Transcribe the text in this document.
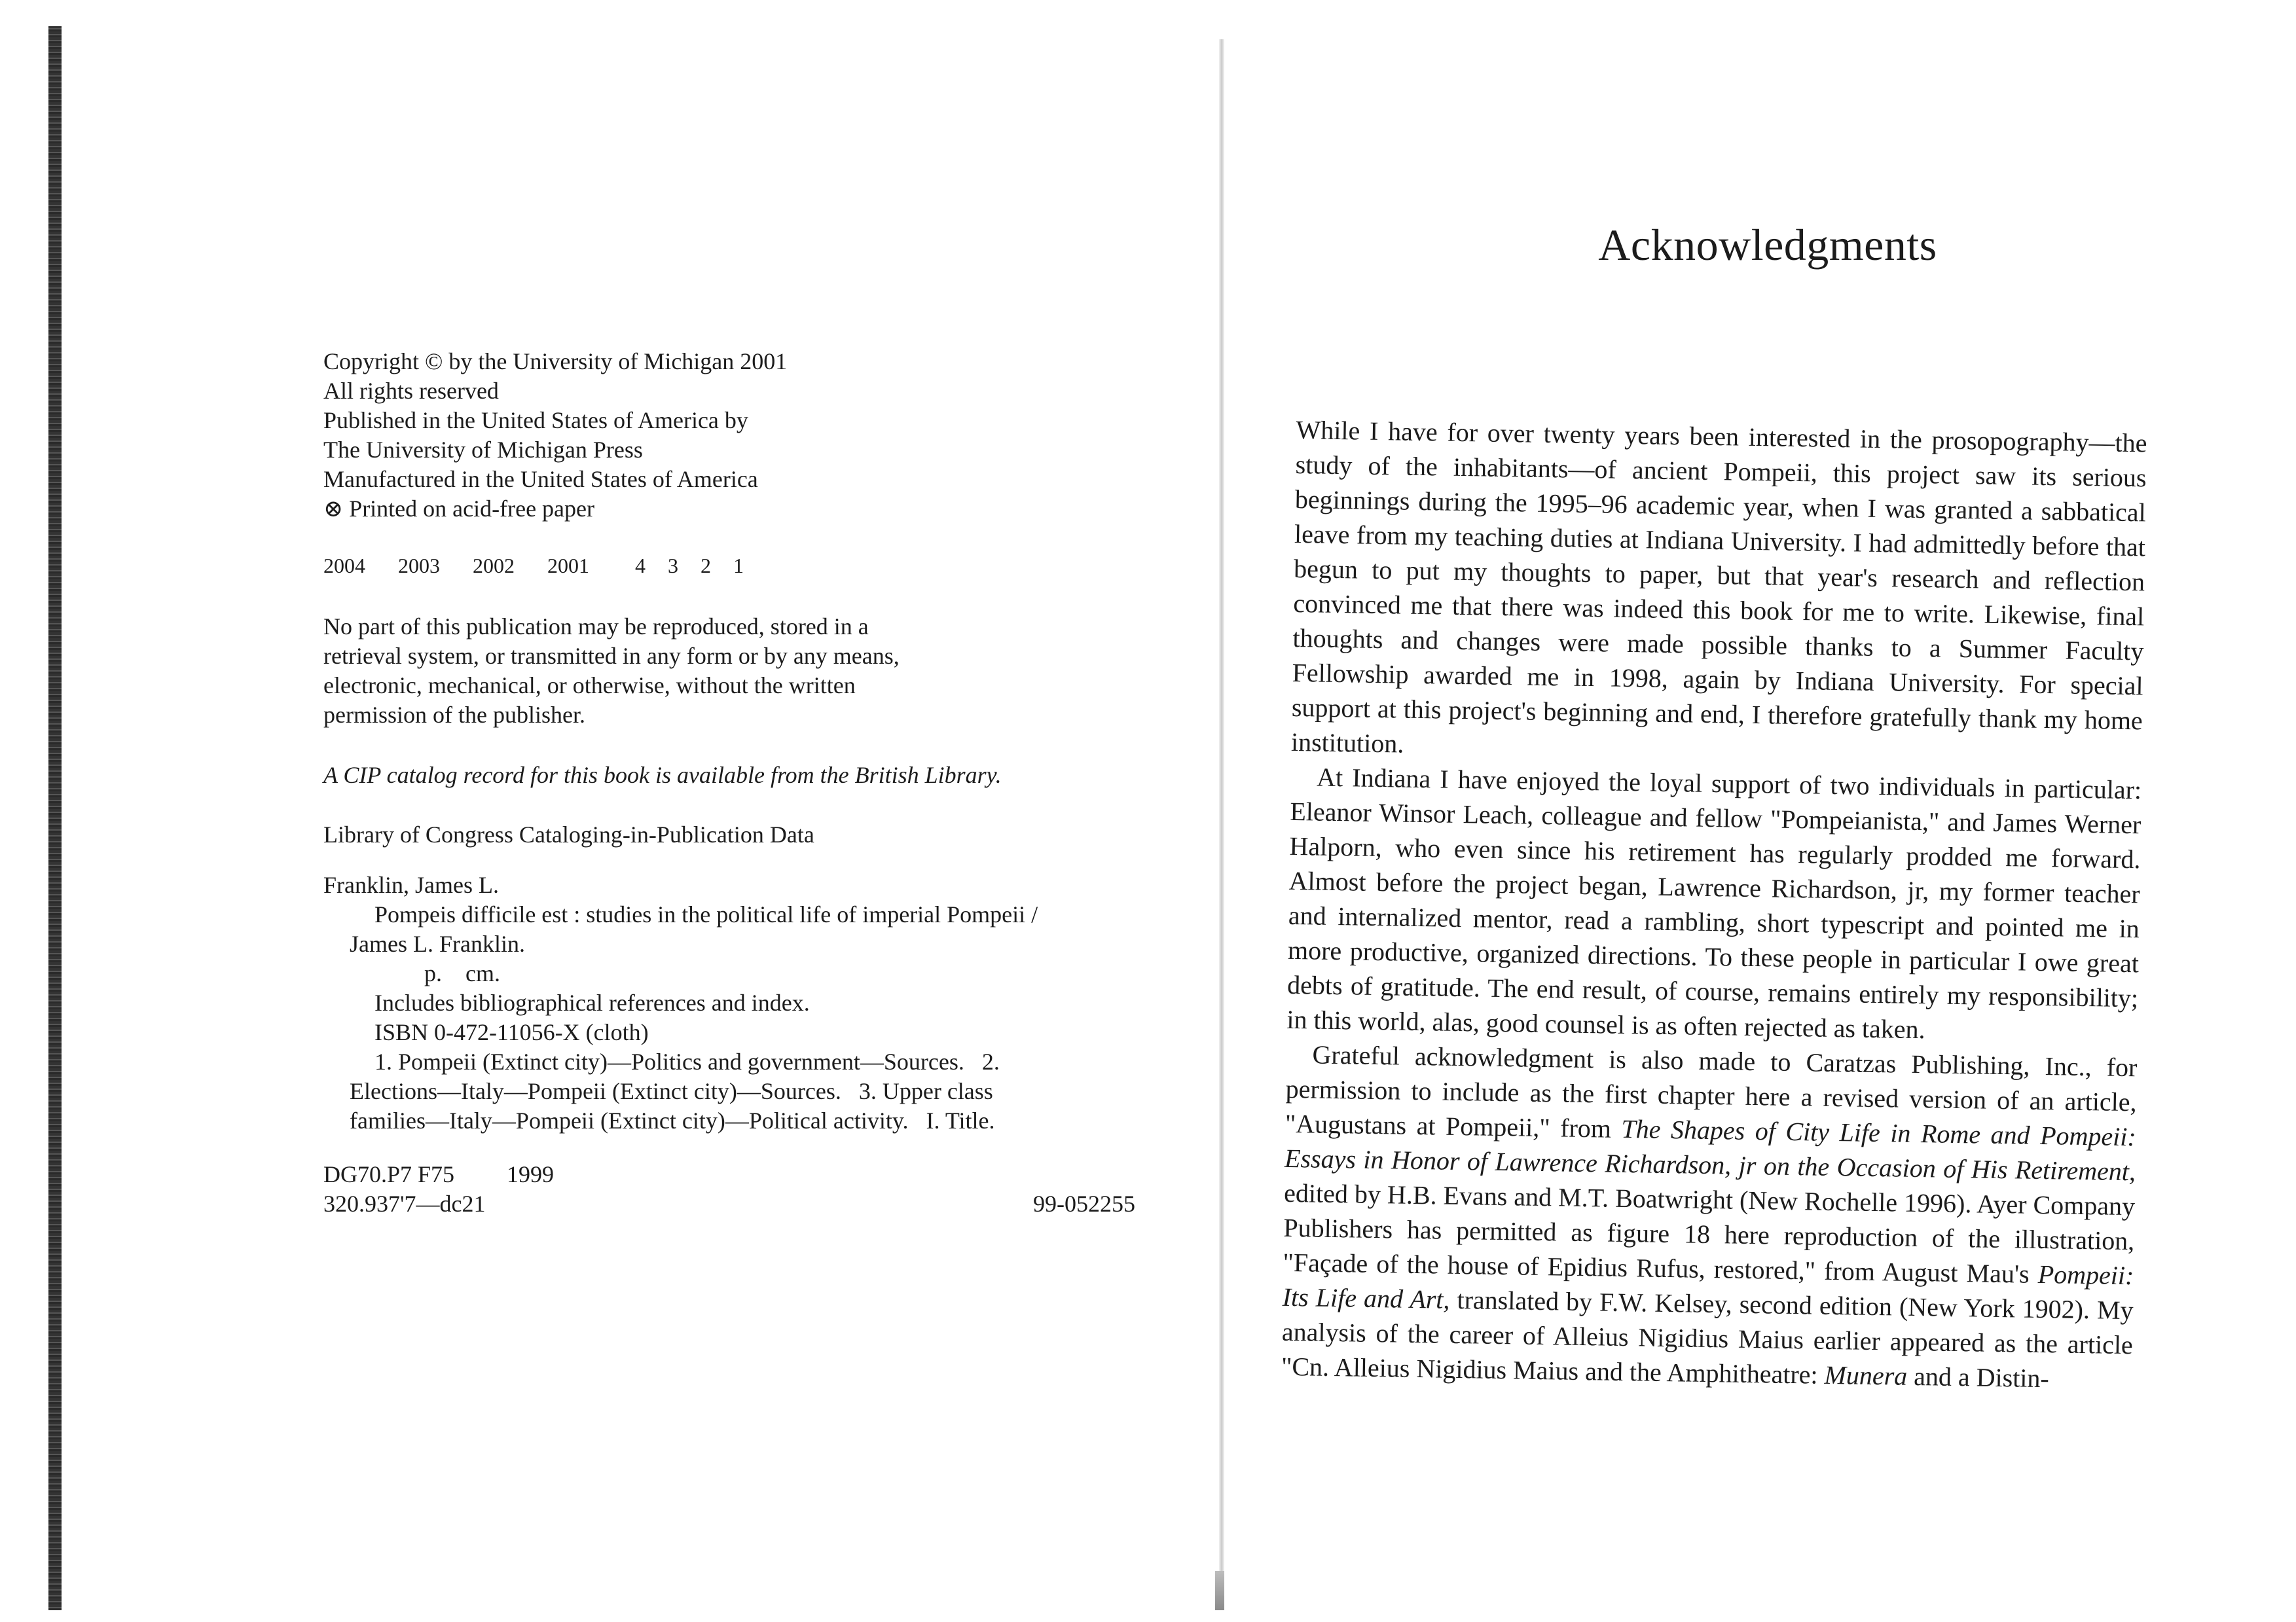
Copyright © by the University of Michigan 2001

All rights reserved

Published in the United States of America by

The University of Michigan Press

Manufactured in the United States of America

⊗ Printed on acid-free paper

2004 2003 2002 2001 4 3 2 1

No part of this publication may be reproduced, stored in a

retrieval system, or transmitted in any form or by any means,

electronic, mechanical, or otherwise, without the written

permission of the publisher.

A CIP catalog record for this book is available from the British Library.
Library of Congress Cataloging-in-Publication Data

Franklin, James L.

Pompeis difficile est : studies in the political life of imperial Pompeii /

James L. Franklin.

p.    cm.

Includes bibliographical references and index.

ISBN 0-472-11056-X (cloth)

1. Pompeii (Extinct city)—Politics and government—Sources.   2.

Elections—Italy—Pompeii (Extinct city)—Sources.   3. Upper class

families—Italy—Pompeii (Extinct city)—Political activity.   I. Title.

DG70.P7 F75 1999

320.937'7—dc21	99-052255
Acknowledgments

While I have for over twenty years been interested in the prosopography—the study of the inhabitants—of ancient Pompeii, this project saw its serious beginnings during the 1995–96 academic year, when I was granted a sabbatical leave from my teaching duties at Indiana University. I had admittedly before that begun to put my thoughts to paper, but that year's research and reflection convinced me that there was indeed this book for me to write. Likewise, final thoughts and changes were made possible thanks to a Summer Faculty Fellowship awarded me in 1998, again by Indiana University. For special support at this project's beginning and end, I therefore gratefully thank my home institution.

At Indiana I have enjoyed the loyal support of two individuals in particular: Eleanor Winsor Leach, colleague and fellow "Pompeianista," and James Werner Halporn, who even since his retirement has regularly prodded me forward. Almost before the project began, Lawrence Richardson, jr, my former teacher and internalized mentor, read a rambling, short typescript and pointed me in more productive, organized directions. To these people in particular I owe great debts of gratitude. The end result, of course, remains entirely my responsibility; in this world, alas, good counsel is as often rejected as taken.

Grateful acknowledgment is also made to Caratzas Publishing, Inc., for permission to include as the first chapter here a revised version of an article, "Augustans at Pompeii," from The Shapes of City Life in Rome and Pompeii: Essays in Honor of Lawrence Richardson, jr on the Occasion of His Retirement, edited by H.B. Evans and M.T. Boatwright (New Rochelle 1996). Ayer Company Publishers has permitted as figure 18 here reproduction of the illustration, "Façade of the house of Epidius Rufus, restored," from August Mau's Pompeii: Its Life and Art, translated by F.W. Kelsey, second edition (New York 1902). My analysis of the career of Alleius Nigidius Maius earlier appeared as the article "Cn. Alleius Nigidius Maius and the Amphitheatre: Munera and a Distin-
